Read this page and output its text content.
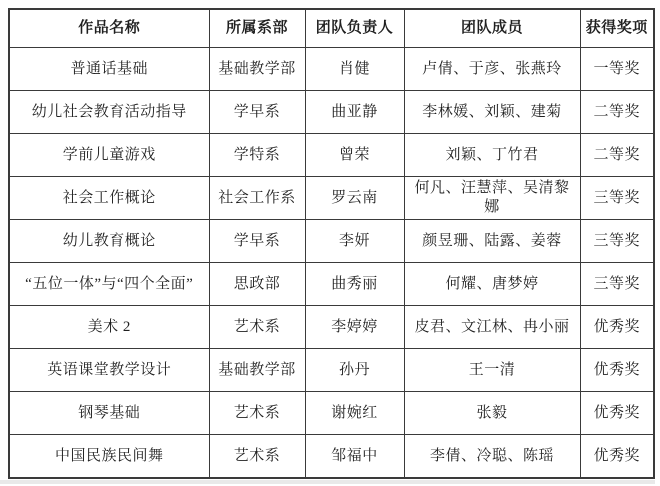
作品名称	所属系部	团队负责人	团队成员	获得奖项
普通话基础	基础教学部	肖健	卢倩、于彦、张燕玲	一等奖
幼儿社会教育活动指导	学早系	曲亚静	李林媛、刘颖、建菊	二等奖
学前儿童游戏	学特系	曾荣	刘颖、丁竹君	二等奖
社会工作概论	社会工作系	罗云南	何凡、汪慧萍、吴清黎娜	三等奖
幼儿教育概论	学早系	李妍	颜昱珊、陆露、姜蓉	三等奖
“五位一体”与“四个全面”	思政部	曲秀丽	何耀、唐梦婷	三等奖
美术 2	艺术系	李婷婷	皮君、文江林、冉小丽	优秀奖
英语课堂教学设计	基础教学部	孙丹	王一清	优秀奖
钢琴基础	艺术系	谢婉红	张毅	优秀奖
中国民族民间舞	艺术系	邹福中	李倩、冷聪、陈瑶	优秀奖
